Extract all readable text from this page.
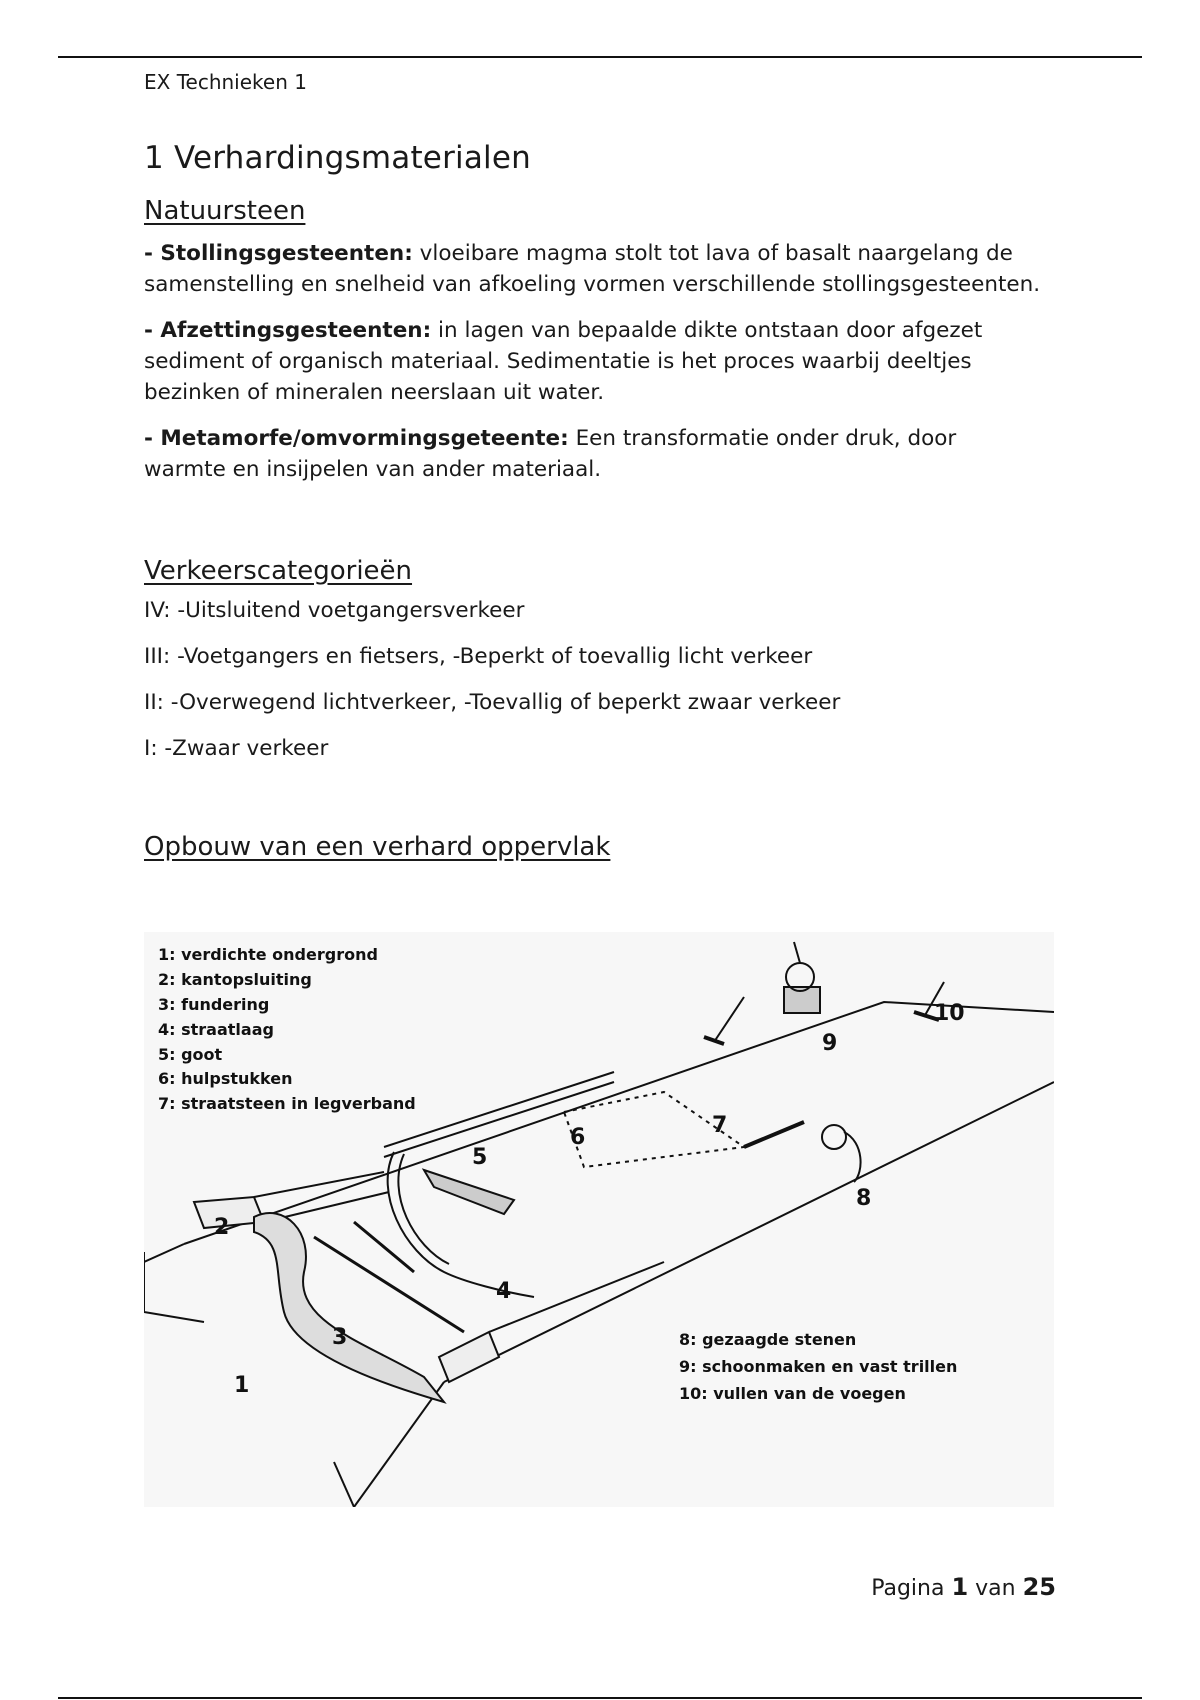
EX Technieken 1
1 Verhardingsmaterialen
Natuursteen

- Stollingsgesteenten: vloeibare magma stolt tot lava of basalt naargelang de samenstelling en snelheid van afkoeling vormen verschillende stollingsgesteenten.

- Afzettingsgesteenten: in lagen van bepaalde dikte ontstaan door afgezet sediment of organisch materiaal. Sedimentatie is het proces waarbij deeltjes bezinken of mineralen neerslaan uit water.

- Metamorfe/omvormingsgeteente: Een transformatie onder druk, door warmte en insijpelen van ander materiaal.

Verkeerscategorieën
IV: -Uitsluitend voetgangersverkeer
III: -Voetgangers en fietsers, -Beperkt of toevallig licht verkeer
II: -Overwegend lichtverkeer, -Toevallig of beperkt zwaar verkeer
I: -Zwaar verkeer
Opbouw van een verhard oppervlak
1: verdichte ondergrond
2: kantopsluiting
3: fundering
4: straatlaag
5: goot
6: hulpstukken
7: straatsteen in legverband
8: gezaagde stenen
9: schoonmaken en vast trillen
10: vullen van de voegen
1
2
3
4
5
6	7
8
9
10
Pagina 1 van 25
